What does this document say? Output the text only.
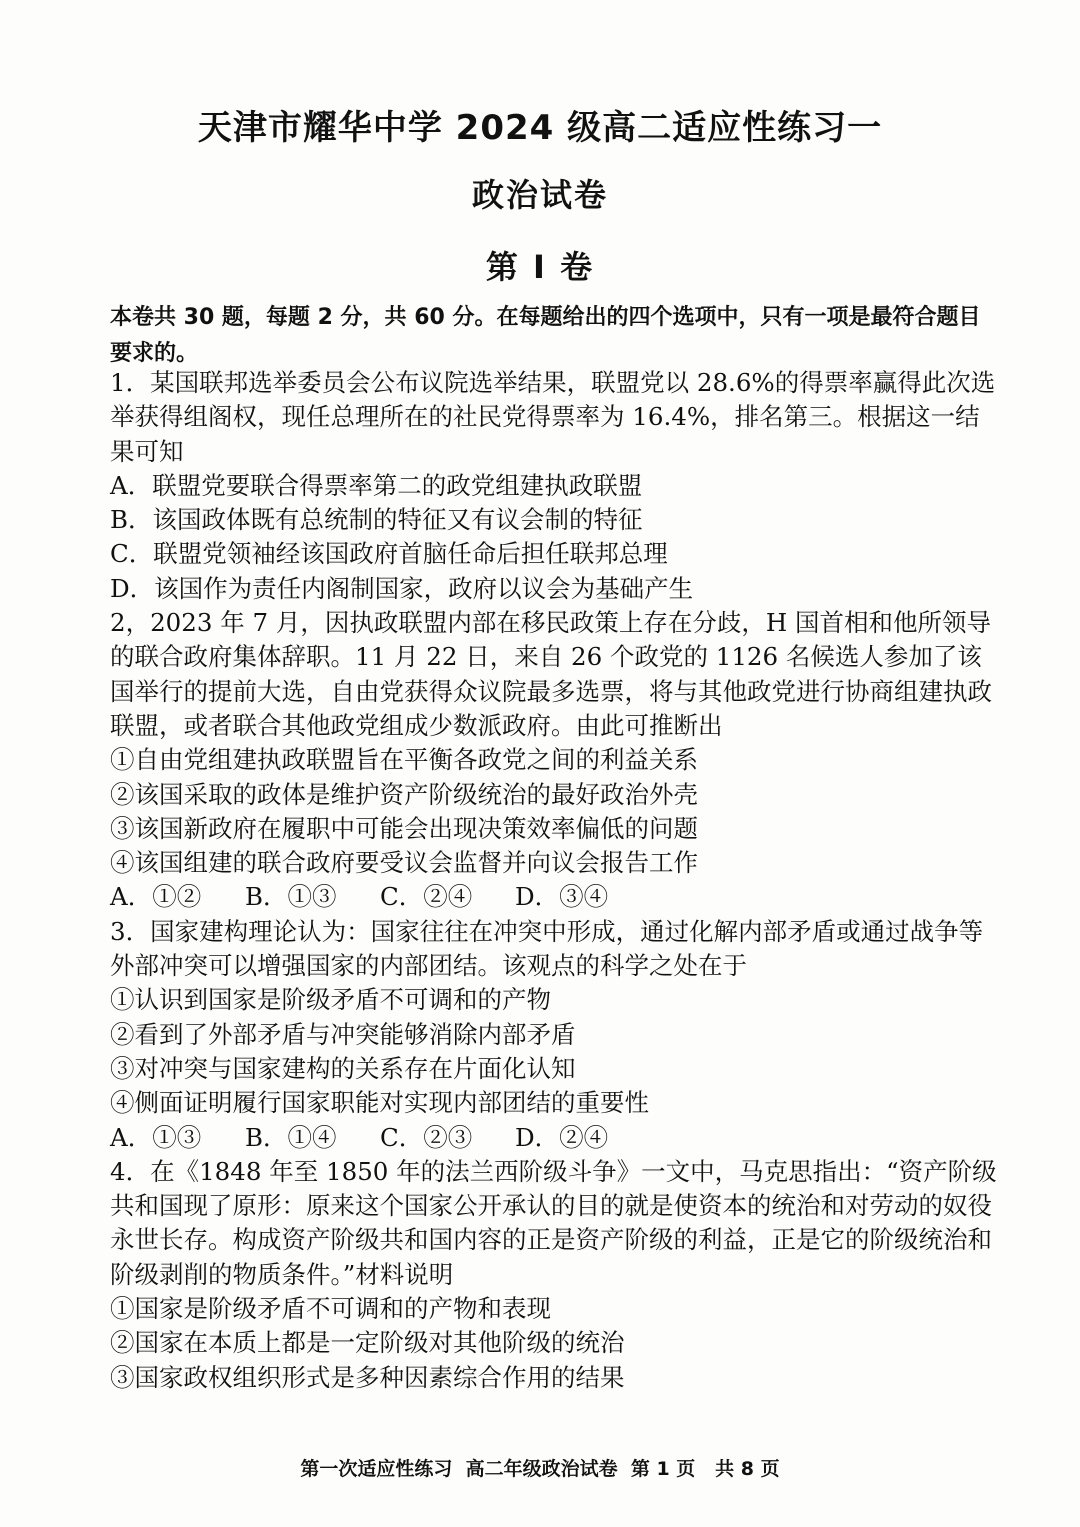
天津市耀华中学 2024 级高二适应性练习一
政治试卷
第 Ⅰ 卷
本卷共 30 题，每题 2 分，共 60 分。在每题给出的四个选项中，只有一项是最符合题目要求的。
1．某国联邦选举委员会公布议院选举结果，联盟党以 28.6%的得票率赢得此次选举获得组阁权，现任总理所在的社民党得票率为 16.4%，排名第三。根据这一结果可知
A．联盟党要联合得票率第二的政党组建执政联盟
B．该国政体既有总统制的特征又有议会制的特征
C．联盟党领袖经该国政府首脑任命后担任联邦总理
D．该国作为责任内阁制国家，政府以议会为基础产生
2，2023 年 7 月，因执政联盟内部在移民政策上存在分歧，H 国首相和他所领导的联合政府集体辞职。11 月 22 日，来自 26 个政党的 1126 名候选人参加了该国举行的提前大选，自由党获得众议院最多选票，将与其他政党进行协商组建执政联盟，或者联合其他政党组成少数派政府。由此可推断出
①自由党组建执政联盟旨在平衡各政党之间的利益关系
②该国采取的政体是维护资产阶级统治的最好政治外壳
③该国新政府在履职中可能会出现决策效率偏低的问题
④该国组建的联合政府要受议会监督并向议会报告工作
A．①②	B．①③	C．②④	D．③④
3．国家建构理论认为：国家往往在冲突中形成，通过化解内部矛盾或通过战争等外部冲突可以增强国家的内部团结。该观点的科学之处在于
①认识到国家是阶级矛盾不可调和的产物
②看到了外部矛盾与冲突能够消除内部矛盾
③对冲突与国家建构的关系存在片面化认知
④侧面证明履行国家职能对实现内部团结的重要性
A．①③	B．①④	C．②③	D．②④
4．在《1848 年至 1850 年的法兰西阶级斗争》一文中，马克思指出：“资产阶级共和国现了原形：原来这个国家公开承认的目的就是使资本的统治和对劳动的奴役永世长存。构成资产阶级共和国内容的正是资产阶级的利益，正是它的阶级统治和阶级剥削的物质条件。”材料说明
①国家是阶级矛盾不可调和的产物和表现
②国家在本质上都是一定阶级对其他阶级的统治
③国家政权组织形式是多种因素综合作用的结果
第一次适应性练习  高二年级政治试卷  第 1 页   共 8 页
